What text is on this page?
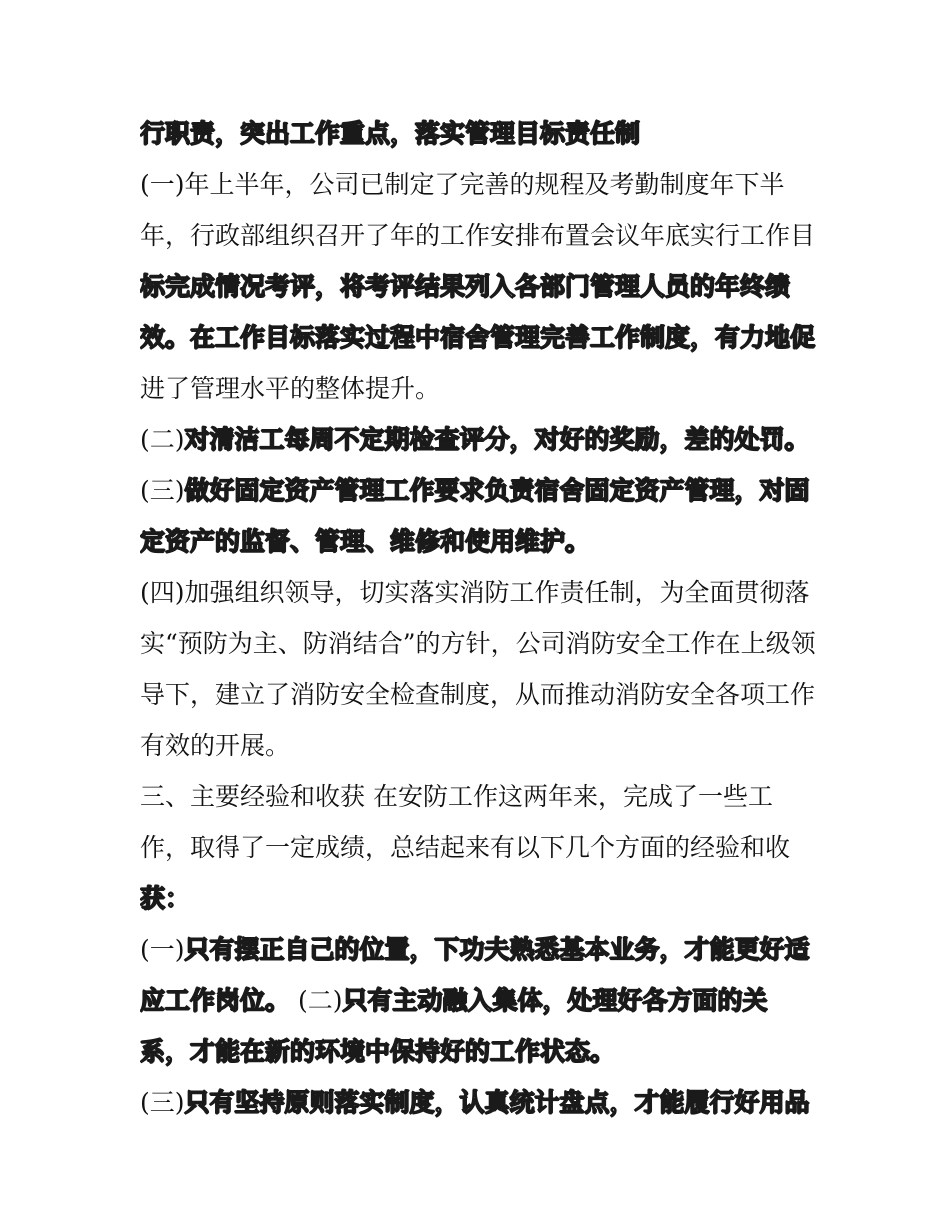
行职责，突出工作重点，落实管理目标责任制
(一)年上半年，公司已制定了完善的规程及考勤制度年下半
年，行政部组织召开了年的工作安排布置会议年底实行工作目
标完成情况考评，将考评结果列入各部门管理人员的年终绩
效。在工作目标落实过程中宿舍管理完善工作制度，有力地促
进了管理水平的整体提升。
(二)对清洁工每周不定期检查评分，对好的奖励，差的处罚。
(三)做好固定资产管理工作要求负责宿舍固定资产管理，对固
定资产的监督、管理、维修和使用维护。
(四)加强组织领导，切实落实消防工作责任制，为全面贯彻落
实“预防为主、防消结合”的方针，公司消防安全工作在上级领
导下，建立了消防安全检查制度，从而推动消防安全各项工作
有效的开展。
三、主要经验和收获 在安防工作这两年来，完成了一些工
作，取得了一定成绩，总结起来有以下几个方面的经验和收
获：
(一)只有摆正自己的位置，下功夫熟悉基本业务，才能更好适
应工作岗位。 (二)只有主动融入集体，处理好各方面的关
系，才能在新的环境中保持好的工作状态。
(三)只有坚持原则落实制度，认真统计盘点，才能履行好用品
